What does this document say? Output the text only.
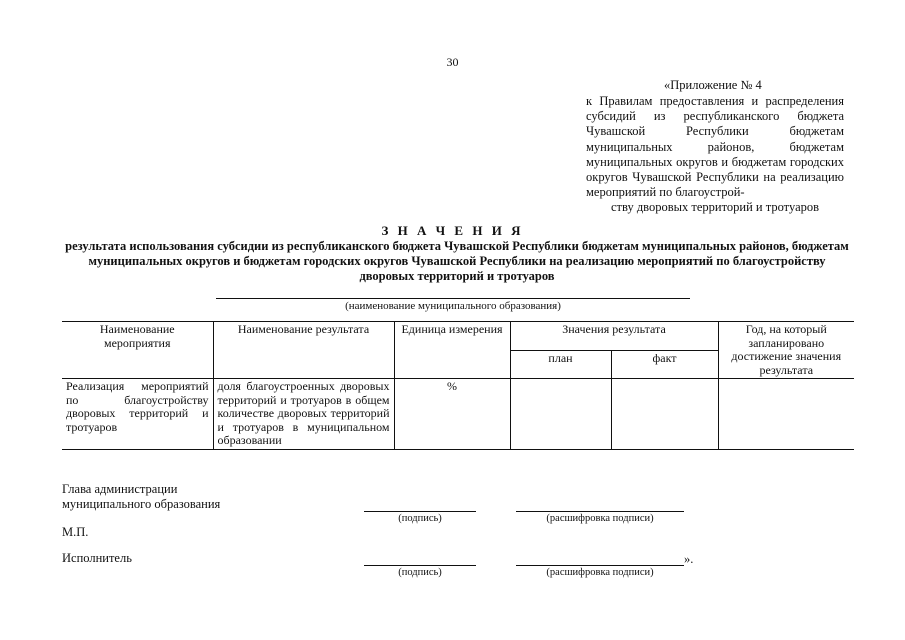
30
«Приложение № 4
к Правилам предоставления и распределения субсидий из республиканского бюджета Чувашской Республики бюджетам муниципальных районов, бюджетам муниципальных округов и бюджетам городских округов Чувашской Республики на реализацию мероприятий по благоустрой-
ству дворовых территорий и тротуаров
З Н А Ч Е Н И Я
результата использования субсидии из республиканского бюджета Чувашской Республики бюджетам муниципальных районов, бюджетам муниципальных округов и бюджетам городских округов Чувашской Республики на реализацию мероприятий по благоустройству дворовых территорий и тротуаров
(наименование муниципального образования)
Наименование мероприятия	Наименование результата	Единица измерения	Значения результата		Год, на который запланировано достижение значения результата
			план	факт	
Реализация мероприятий по благоустройству дворовых территорий и тротуаров	доля благоустроенных дворовых территорий и тротуаров в общем количестве дворовых территорий и тротуаров в муниципальном образовании	%			
Глава администрации
муниципального образования
(подпись)	(расшифровка подписи)
М.П.
Исполнитель
(подпись)	(расшифровка подписи)
».
